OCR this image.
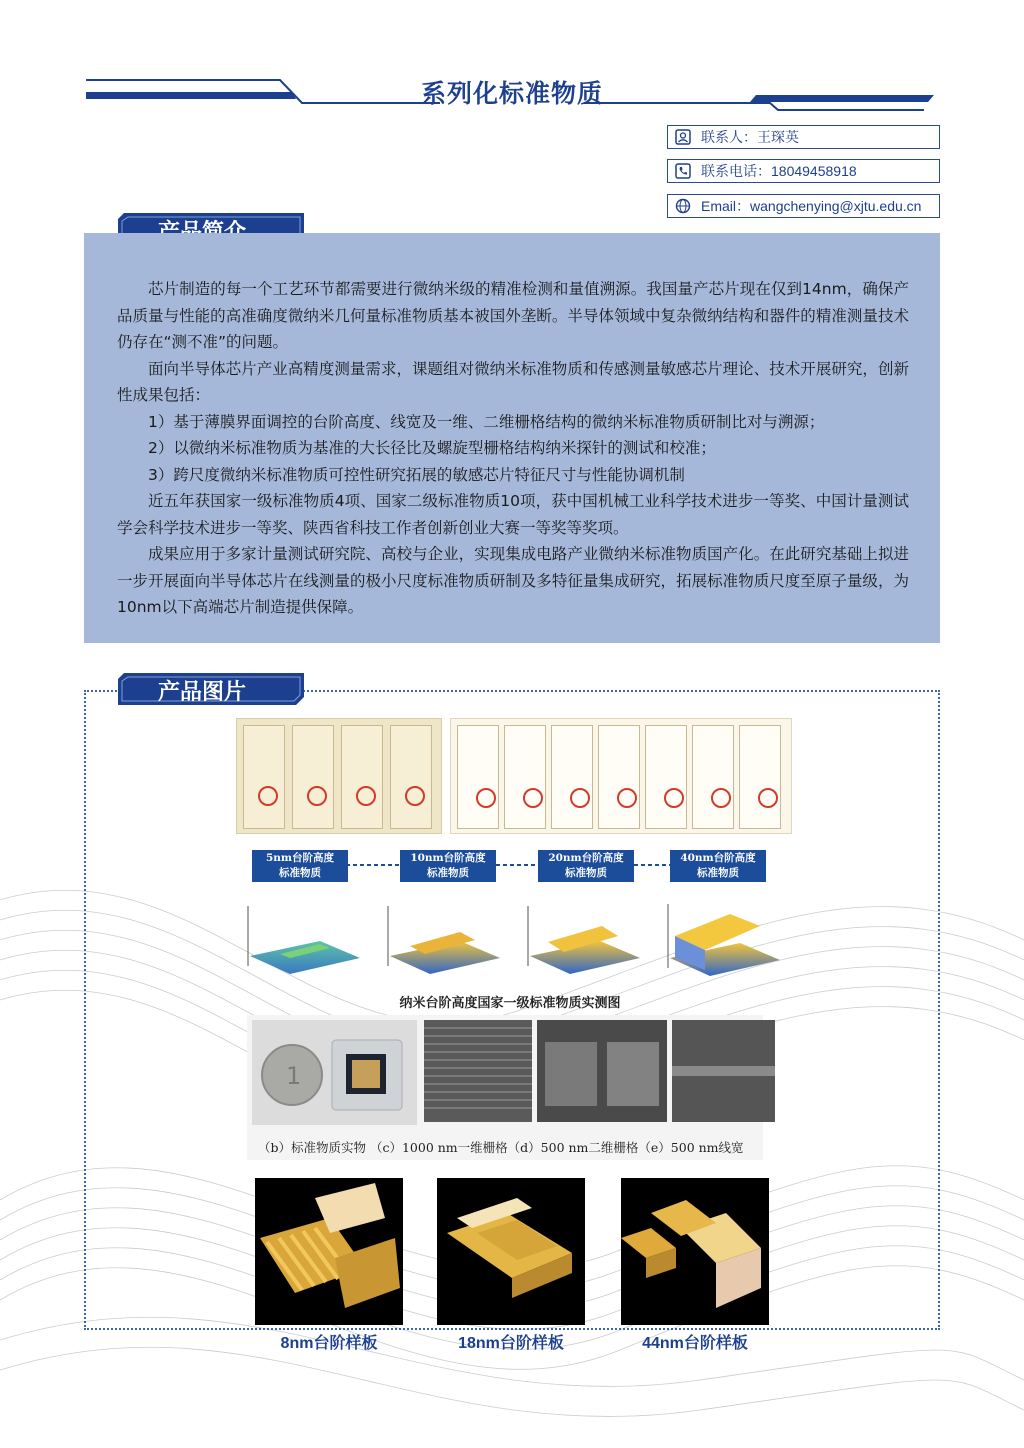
系列化标准物质
联系人：王琛英
联系电话：18049458918
Email：wangchenying@xjtu.edu.cn

芯片制造的每一个工艺环节都需要进行微纳米级的精准检测和量值溯源。我国量产芯片现在仅到14nm，确保产品质量与性能的高准确度微纳米几何量标准物质基本被国外垄断。半导体领域中复杂微纳结构和器件的精准测量技术仍存在“测不准”的问题。

面向半导体芯片产业高精度测量需求，课题组对微纳米标准物质和传感测量敏感芯片理论、技术开展研究，创新性成果包括：

1）基于薄膜界面调控的台阶高度、线宽及一维、二维栅格结构的微纳米标准物质研制比对与溯源；

2）以微纳米标准物质为基准的大长径比及螺旋型栅格结构纳米探针的测试和校准；

3）跨尺度微纳米标准物质可控性研究拓展的敏感芯片特征尺寸与性能协调机制

近五年获国家一级标准物质4项、国家二级标准物质10项，获中国机械工业科学技术进步一等奖、中国计量测试学会科学技术进步一等奖、陕西省科技工作者创新创业大赛一等奖等奖项。

成果应用于多家计量测试研究院、高校与企业，实现集成电路产业微纳米标准物质国产化。在此研究基础上拟进一步开展面向半导体芯片在线测量的极小尺度标准物质研制及多特征量集成研究，拓展标准物质尺度至原子量级，为10nm以下高端芯片制造提供保障。

产品图片
5nm台阶高度
标准物质
10nm台阶高度
标准物质
20nm台阶高度
标准物质
40nm台阶高度
标准物质
纳米台阶高度国家一级标准物质实测图
1
（b）标准物质实物 （c）1000 nm一维栅格（d）500 nm二维栅格（e）500 nm线宽
8nm台阶样板	18nm台阶样板	44nm台阶样板
